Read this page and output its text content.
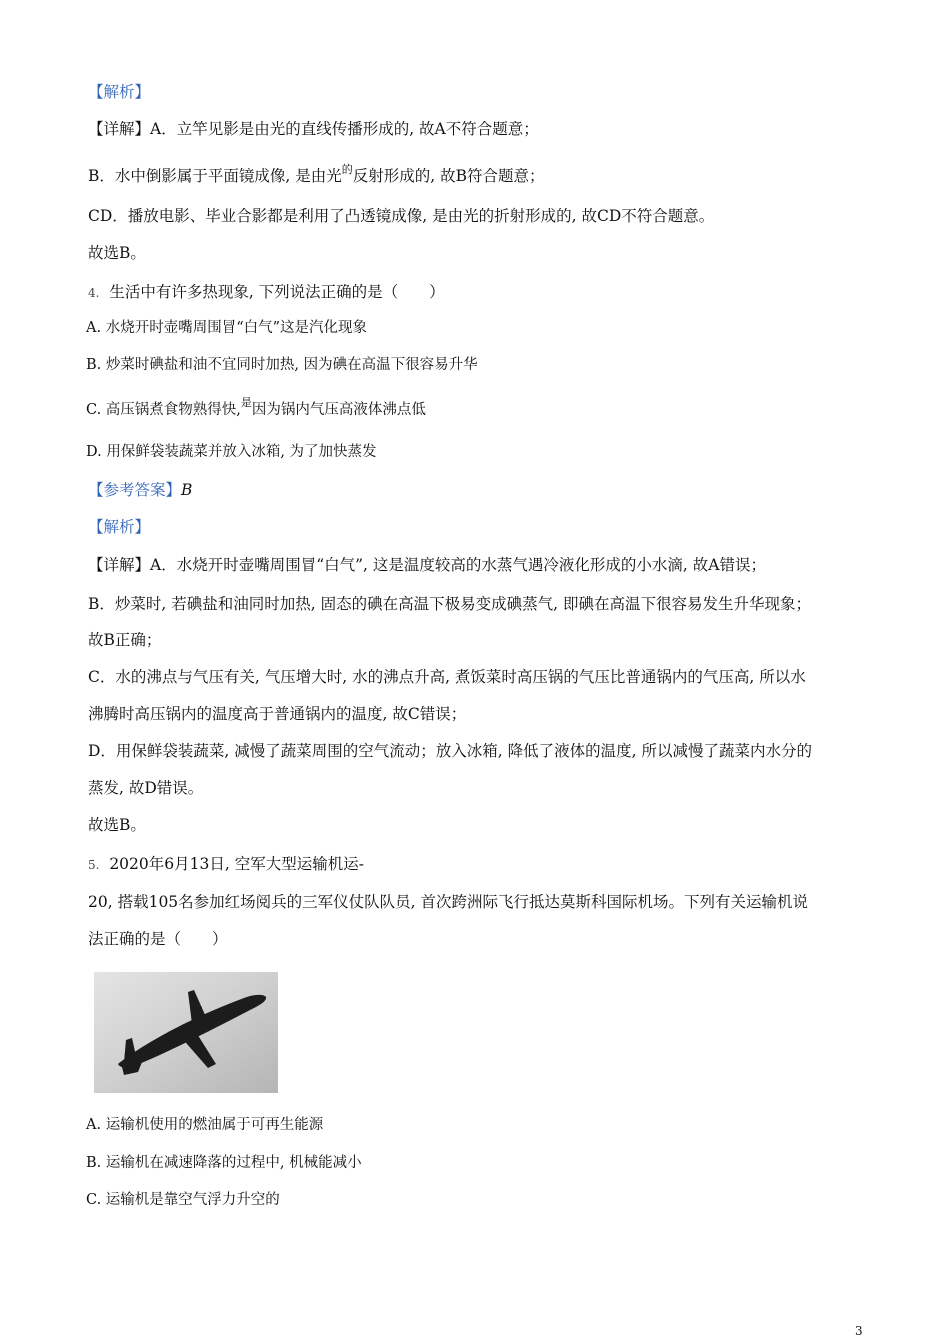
【解析】
【详解】A．立竿见影是由光的直线传播形成的, 故A不符合题意；
B．水中倒影属于平面镜成像, 是由光$^的$反射形成的, 故B符合题意；
CD．播放电影、毕业合影都是利用了凸透镜成像, 是由光的折射形成的, 故CD不符合题意。
故选B。
4. 生活中有许多热现象, 下列说法正确的是（　　）
A. 水烧开时壶嘴周围冒“白气”这是汽化现象
B. 炒菜时碘盐和油不宜同时加热, 因为碘在高温下很容易升华
C. 高压锅煮食物熟得快,$^是$因为锅内气压高液体沸点低
D. 用保鲜袋装蔬菜并放入冰箱, 为了加快蒸发
【参考答案】B
【解析】
【详解】A．水烧开时壶嘴周围冒“白气”, 这是温度较高的水蒸气遇冷液化形成的小水滴, 故A错误；
B．炒菜时, 若碘盐和油同时加热, 固态的碘在高温下极易变成碘蒸气, 即碘在高温下很容易发生升华现象；
故B正确；
C．水的沸点与气压有关, 气压增大时, 水的沸点升高, 煮饭菜时高压锅的气压比普通锅内的气压高, 所以水
沸腾时高压锅内的温度高于普通锅内的温度, 故C错误；
D．用保鲜袋装蔬菜, 减慢了蔬菜周围的空气流动；放入冰箱, 降低了液体的温度, 所以减慢了蔬菜内水分的
蒸发, 故D错误。
故选B。
5. 2020年6月13日, 空军大型运输机运-
20, 搭载105名参加红场阅兵的三军仪仗队队员, 首次跨洲际飞行抵达莫斯科国际机场。下列有关运输机说
法正确的是（　　）
A. 运输机使用的燃油属于可再生能源
B. 运输机在减速降落的过程中, 机械能减小
C. 运输机是靠空气浮力升空的
3
